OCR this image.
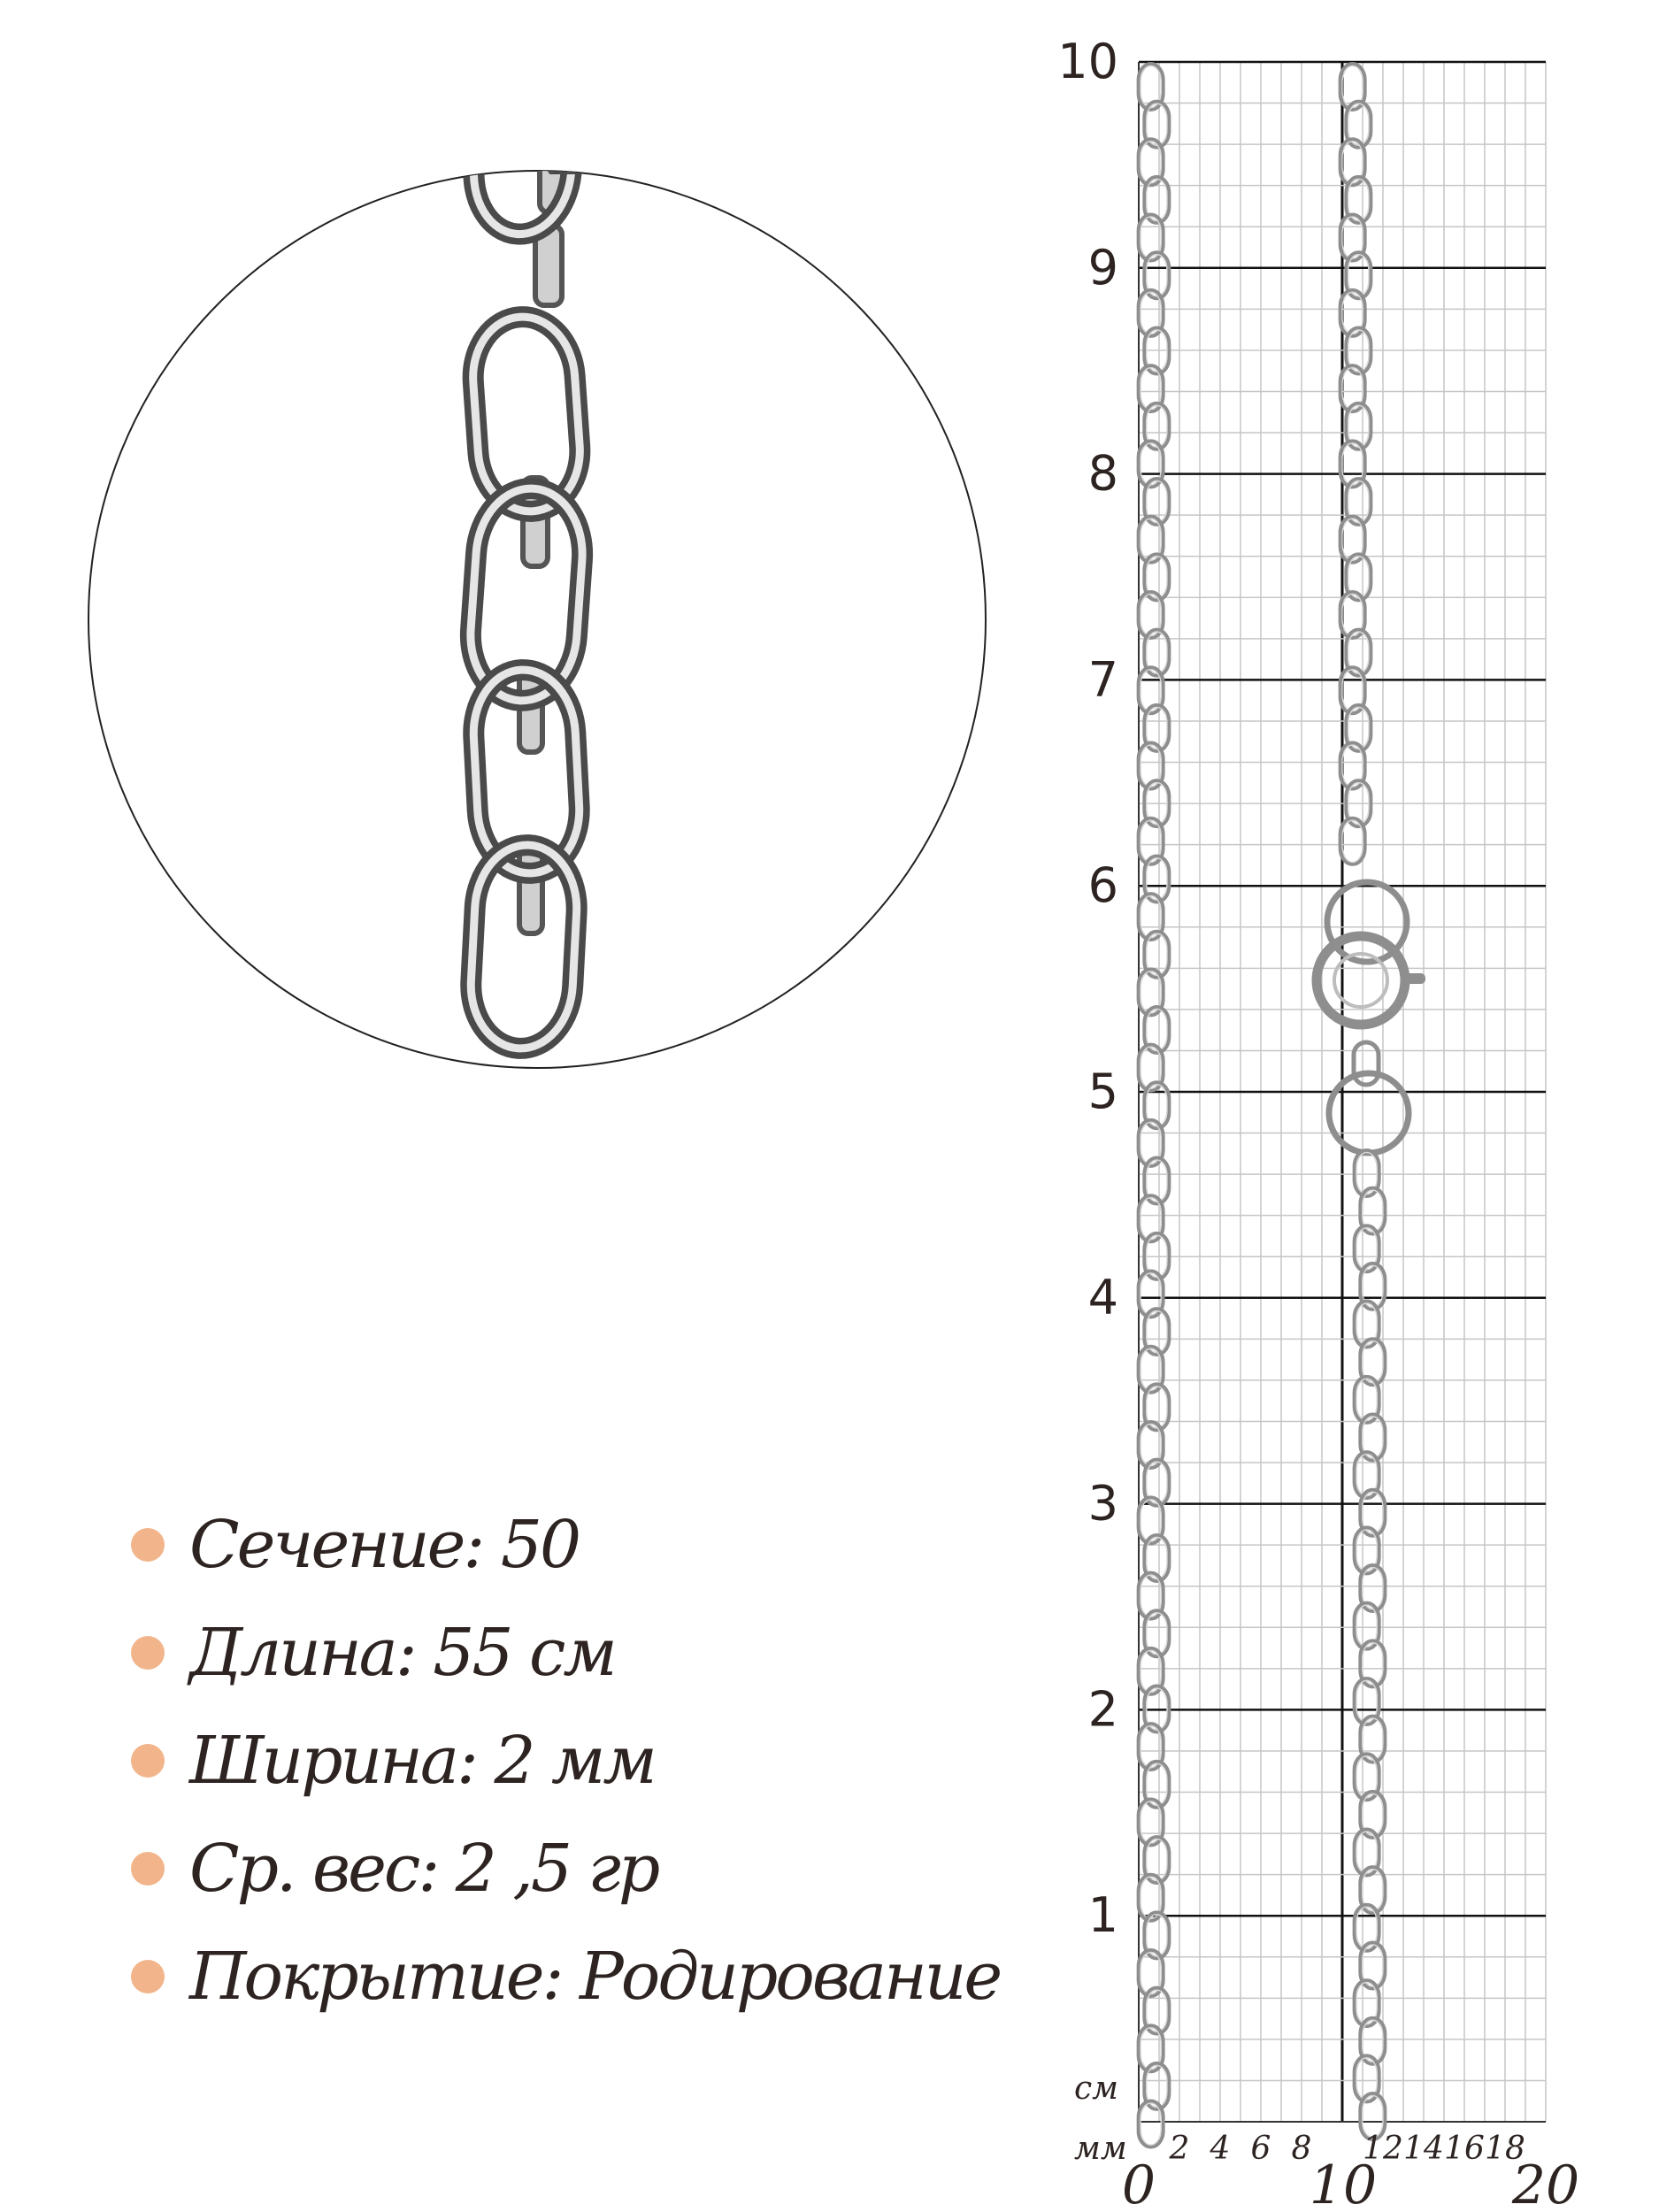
1
2
3
4
5
6
7
8
9
10
2 4 6 8 12 14 16 18
0	10	20
см
мм
Сечение: 50
Длина: 55 см
Ширина: 2 мм
Ср. вес: 2 ,5 гр
Покрытие: Родирование
